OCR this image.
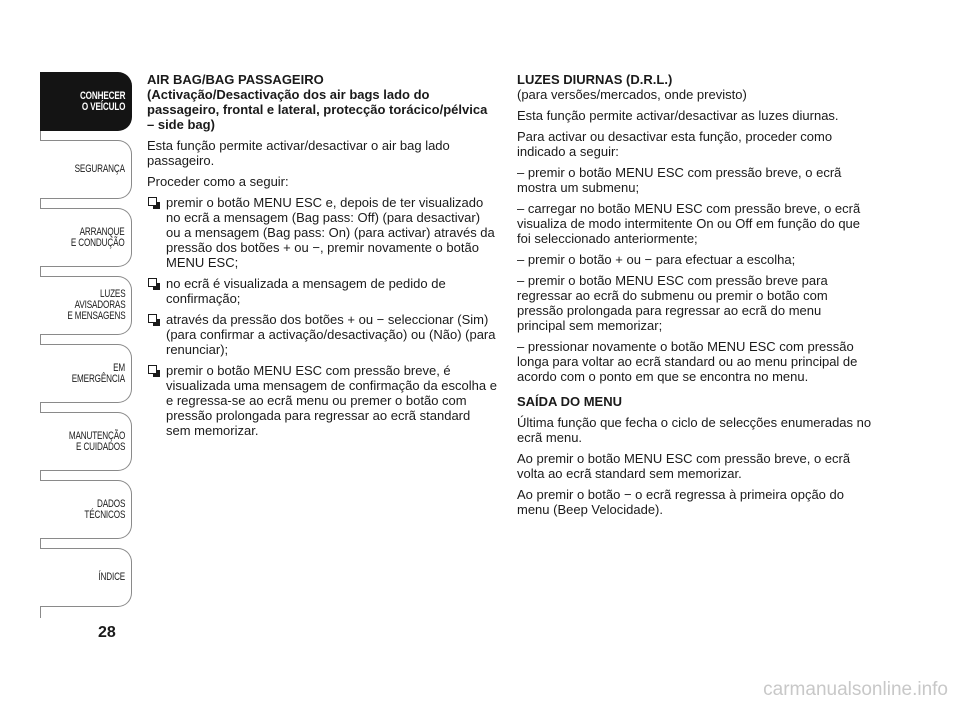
CONHECER
O VEÍCULO
SEGURANÇA
ARRANQUE
E CONDUÇÃO
LUZES
AVISADORAS
E MENSAGENS
EM EMERGÊNCIA
MANUTENÇÃO
E CUIDADOS
DADOS
TÉCNICOS
ÍNDICE
28

AIR BAG/BAG PASSAGEIRO
(Activação/Desactivação dos air bags lado do passageiro, frontal e lateral, protecção torácico/pélvica – side bag)

Esta função permite activar/desactivar o air bag lado passageiro.

Proceder como a seguir:

premir o botão MENU ESC e, depois de ter visualizado no ecrã a mensagem (Bag pass: Off) (para desactivar) ou a mensagem (Bag pass: On) (para activar) através da pressão dos botões + ou −, premir novamente o botão MENU ESC;
no ecrã é visualizada a mensagem de pedido de confirmação;
através da pressão dos botões + ou − seleccionar (Sim) (para confirmar a activação/desactivação) ou (Não) (para renunciar);
premir o botão MENU ESC com pressão breve, é visualizada uma mensagem de confirmação da escolha e e regressa-se ao ecrã menu ou premer o botão com pressão prolongada para regressar ao ecrã standard sem memorizar.

LUZES DIURNAS (D.R.L.)

(para versões/mercados, onde previsto)

Esta função permite activar/desactivar as luzes diurnas.

Para activar ou desactivar esta função, proceder como indicado a seguir:

– premir o botão MENU ESC com pressão breve, o ecrã mostra um submenu;

– carregar no botão MENU ESC com pressão breve, o ecrã visualiza de modo intermitente On ou Off em função do que foi seleccionado anteriormente;

– premir o botão + ou − para efectuar a escolha;

– premir o botão MENU ESC com pressão breve para regressar ao ecrã do submenu ou premir o botão com pressão prolongada para regressar ao ecrã do menu principal sem memorizar;

– pressionar novamente o botão MENU ESC com pressão longa para voltar ao ecrã standard ou ao menu principal de acordo com o ponto em que se encontra no menu.

SAÍDA DO MENU

Última função que fecha o ciclo de selecções enumeradas no ecrã menu.

Ao premir o botão MENU ESC com pressão breve, o ecrã volta ao ecrã standard sem memorizar.

Ao premir o botão − o ecrã regressa à primeira opção do menu (Beep Velocidade).

carmanualsonline.info
